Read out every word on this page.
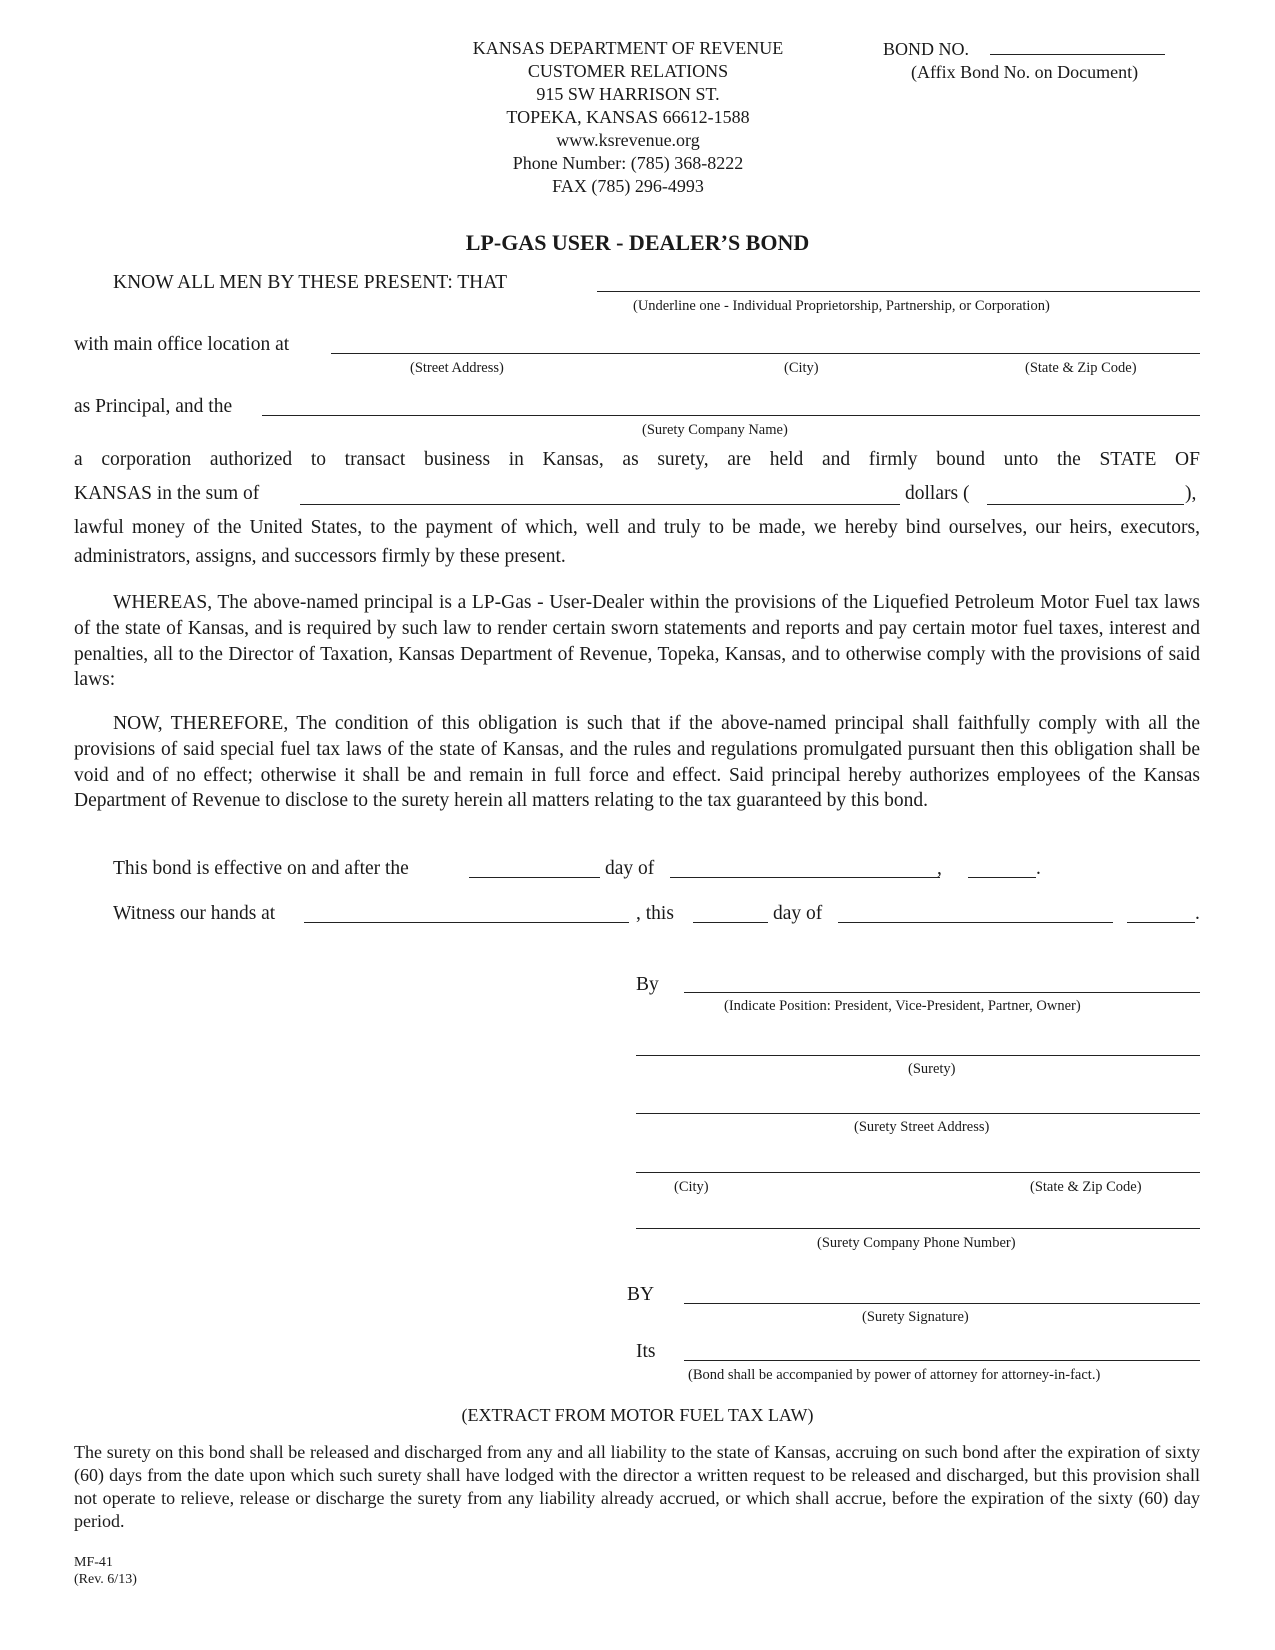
KANSAS DEPARTMENT OF REVENUE
CUSTOMER RELATIONS
915 SW HARRISON ST.
TOPEKA, KANSAS 66612-1588
www.ksrevenue.org
Phone Number: (785) 368-8222
FAX (785) 296-4993
BOND NO.
(Affix Bond No. on Document)
LP-GAS USER - DEALER’S BOND
KNOW ALL MEN BY THESE PRESENT: THAT
(Underline one - Individual Proprietorship, Partnership, or Corporation)
with main office location at
(Street Address)	(City)	(State & Zip Code)
as Principal, and the
(Surety Company Name)
a corporation authorized to transact business in Kansas, as surety, are held and firmly bound unto the STATE OF
KANSAS in the sum of	dollars (	),
lawful money of the United States, to the payment of which, well and truly to be made, we hereby bind ourselves, our heirs, executors, administrators, assigns, and successors firmly by these present.
WHEREAS, The above-named principal is a LP-Gas - User-Dealer within the provisions of the Liquefied Petroleum Motor Fuel tax laws of the state of Kansas, and is required by such law to render certain sworn statements and reports and pay certain motor fuel taxes, interest and penalties, all to the Director of Taxation, Kansas Department of Revenue, Topeka, Kansas, and to otherwise comply with the provisions of said laws:
NOW, THEREFORE, The condition of this obligation is such that if the above-named principal shall faithfully comply with all the provisions of said special fuel tax laws of the state of Kansas, and the rules and regulations promulgated pursuant then this obligation shall be void and of no effect; otherwise it shall be and remain in full force and effect. Said principal hereby authorizes employees of the Kansas Department of Revenue to disclose to the surety herein all matters relating to the tax guaranteed by this bond.
This bond is effective on and after the	day of	,	.
Witness our hands at	, this	day of	.
By
(Indicate Position: President, Vice-President, Partner, Owner)
(Surety)
(Surety Street Address)
(City)	(State & Zip Code)
(Surety Company Phone Number)
BY
(Surety Signature)
Its
(Bond shall be accompanied by power of attorney for attorney-in-fact.)
(EXTRACT FROM MOTOR FUEL TAX LAW)
The surety on this bond shall be released and discharged from any and all liability to the state of Kansas, accruing on such bond after the expiration of sixty (60) days from the date upon which such surety shall have lodged with the director a written request to be released and discharged, but this provision shall not operate to relieve, release or discharge the surety from any liability already accrued, or which shall accrue, before the expiration of the sixty (60) day period.
MF-41
(Rev. 6/13)
